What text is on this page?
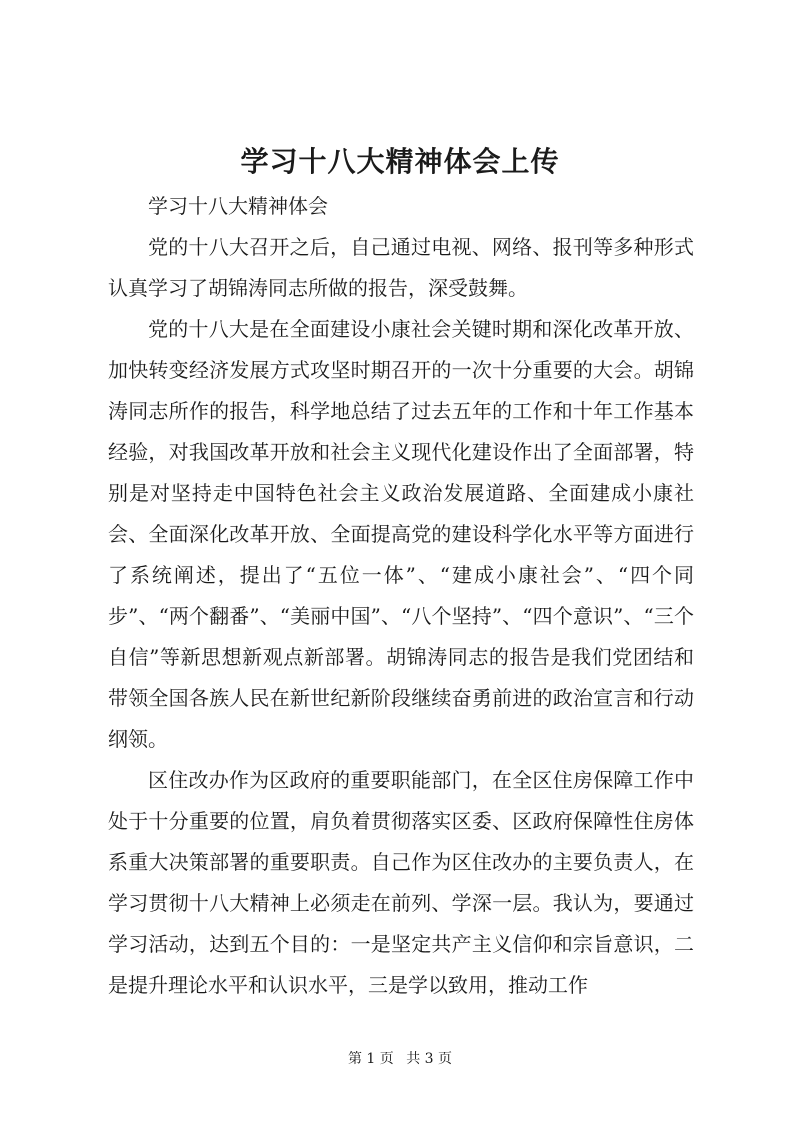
学习十八大精神体会上传

学习十八大精神体会

党的十八大召开之后，自己通过电视、网络、报刊等多种形式认真学习了胡锦涛同志所做的报告，深受鼓舞。

党的十八大是在全面建设小康社会关键时期和深化改革开放、加快转变经济发展方式攻坚时期召开的一次十分重要的大会。胡锦涛同志所作的报告，科学地总结了过去五年的工作和十年工作基本经验，对我国改革开放和社会主义现代化建设作出了全面部署，特别是对坚持走中国特色社会主义政治发展道路、全面建成小康社会、全面深化改革开放、全面提高党的建设科学化水平等方面进行了系统阐述，提出了“五位一体”、“建成小康社会”、“四个同步”、“两个翻番”、“美丽中国”、“八个坚持”、“四个意识”、“三个自信”等新思想新观点新部署。胡锦涛同志的报告是我们党团结和带领全国各族人民在新世纪新阶段继续奋勇前进的政治宣言和行动纲领。

区住改办作为区政府的重要职能部门，在全区住房保障工作中处于十分重要的位置，肩负着贯彻落实区委、区政府保障性住房体系重大决策部署的重要职责。自己作为区住改办的主要负责人，在学习贯彻十八大精神上必须走在前列、学深一层。我认为，要通过学习活动，达到五个目的：一是坚定共产主义信仰和宗旨意识，二是提升理论水平和认识水平，三是学以致用，推动工作

第 1 页 共 3 页
